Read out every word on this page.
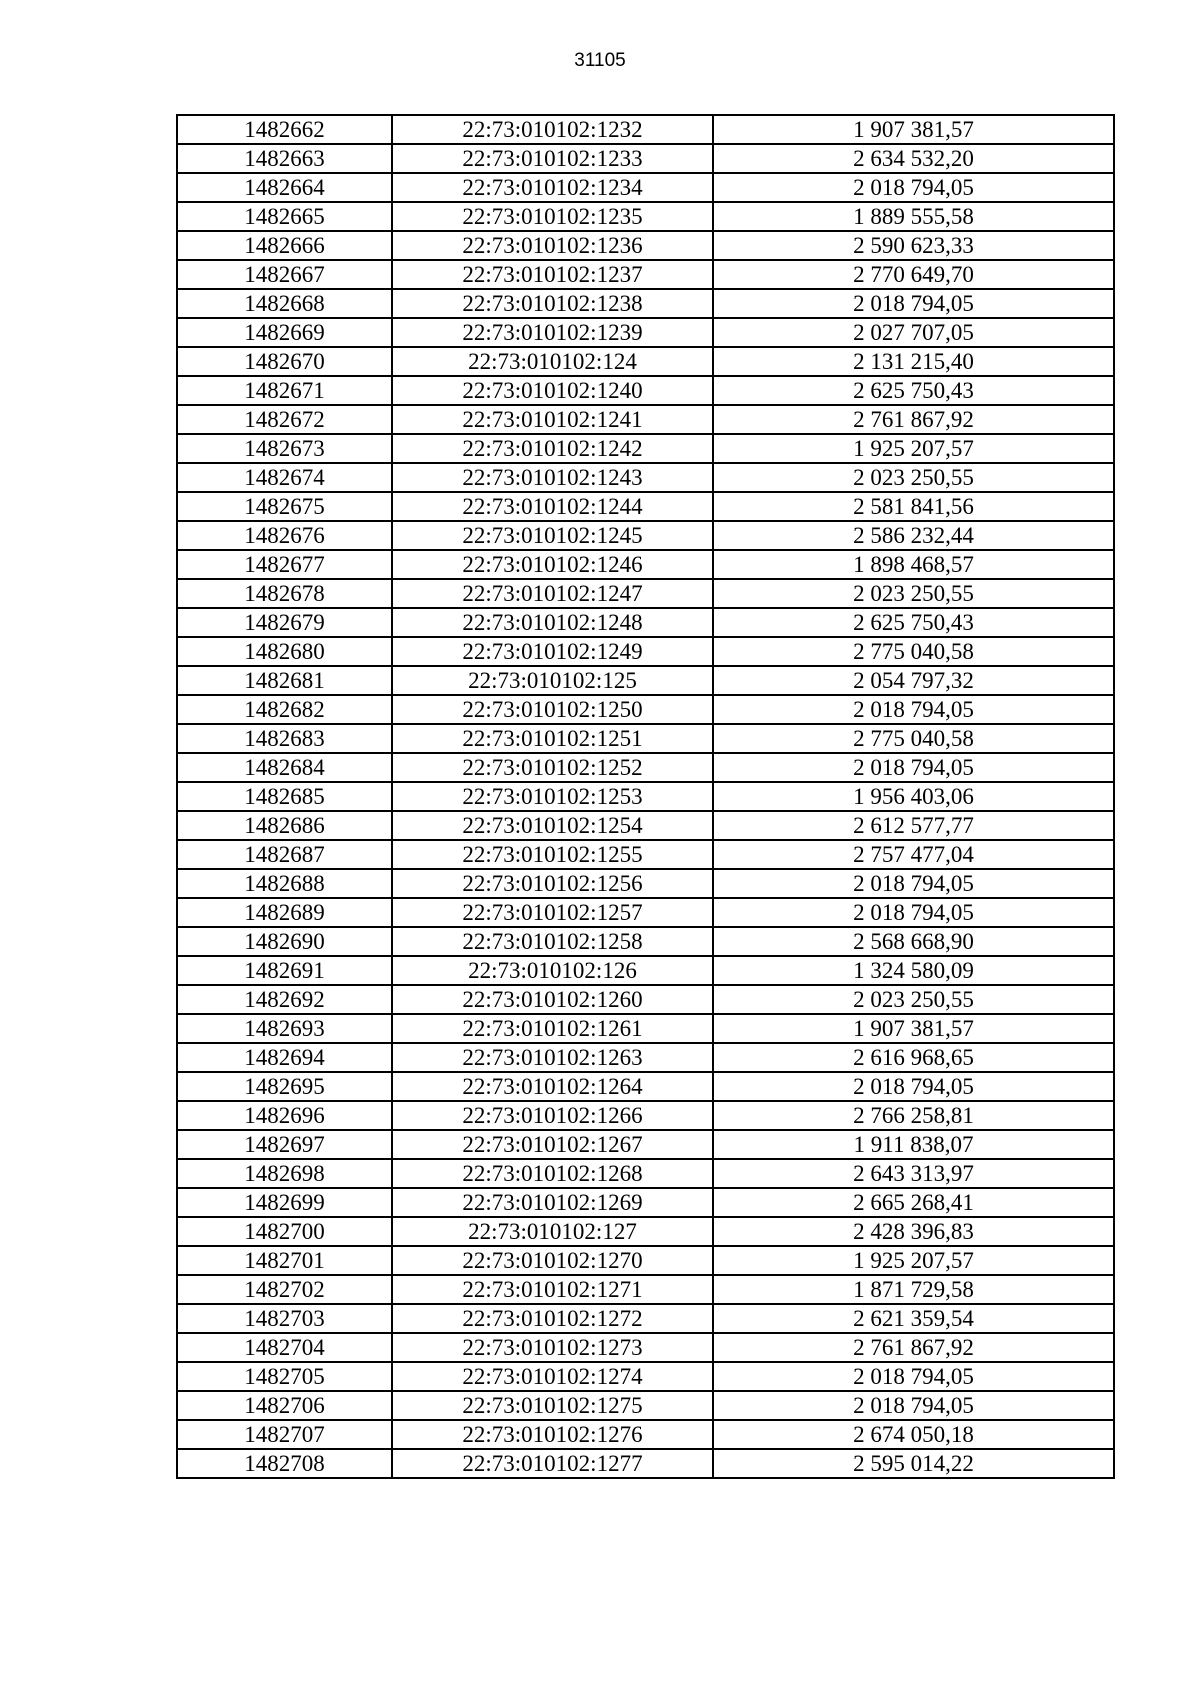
31105
1482662	22:73:010102:1232	1 907 381,57
1482663	22:73:010102:1233	2 634 532,20
1482664	22:73:010102:1234	2 018 794,05
1482665	22:73:010102:1235	1 889 555,58
1482666	22:73:010102:1236	2 590 623,33
1482667	22:73:010102:1237	2 770 649,70
1482668	22:73:010102:1238	2 018 794,05
1482669	22:73:010102:1239	2 027 707,05
1482670	22:73:010102:124	2 131 215,40
1482671	22:73:010102:1240	2 625 750,43
1482672	22:73:010102:1241	2 761 867,92
1482673	22:73:010102:1242	1 925 207,57
1482674	22:73:010102:1243	2 023 250,55
1482675	22:73:010102:1244	2 581 841,56
1482676	22:73:010102:1245	2 586 232,44
1482677	22:73:010102:1246	1 898 468,57
1482678	22:73:010102:1247	2 023 250,55
1482679	22:73:010102:1248	2 625 750,43
1482680	22:73:010102:1249	2 775 040,58
1482681	22:73:010102:125	2 054 797,32
1482682	22:73:010102:1250	2 018 794,05
1482683	22:73:010102:1251	2 775 040,58
1482684	22:73:010102:1252	2 018 794,05
1482685	22:73:010102:1253	1 956 403,06
1482686	22:73:010102:1254	2 612 577,77
1482687	22:73:010102:1255	2 757 477,04
1482688	22:73:010102:1256	2 018 794,05
1482689	22:73:010102:1257	2 018 794,05
1482690	22:73:010102:1258	2 568 668,90
1482691	22:73:010102:126	1 324 580,09
1482692	22:73:010102:1260	2 023 250,55
1482693	22:73:010102:1261	1 907 381,57
1482694	22:73:010102:1263	2 616 968,65
1482695	22:73:010102:1264	2 018 794,05
1482696	22:73:010102:1266	2 766 258,81
1482697	22:73:010102:1267	1 911 838,07
1482698	22:73:010102:1268	2 643 313,97
1482699	22:73:010102:1269	2 665 268,41
1482700	22:73:010102:127	2 428 396,83
1482701	22:73:010102:1270	1 925 207,57
1482702	22:73:010102:1271	1 871 729,58
1482703	22:73:010102:1272	2 621 359,54
1482704	22:73:010102:1273	2 761 867,92
1482705	22:73:010102:1274	2 018 794,05
1482706	22:73:010102:1275	2 018 794,05
1482707	22:73:010102:1276	2 674 050,18
1482708	22:73:010102:1277	2 595 014,22
